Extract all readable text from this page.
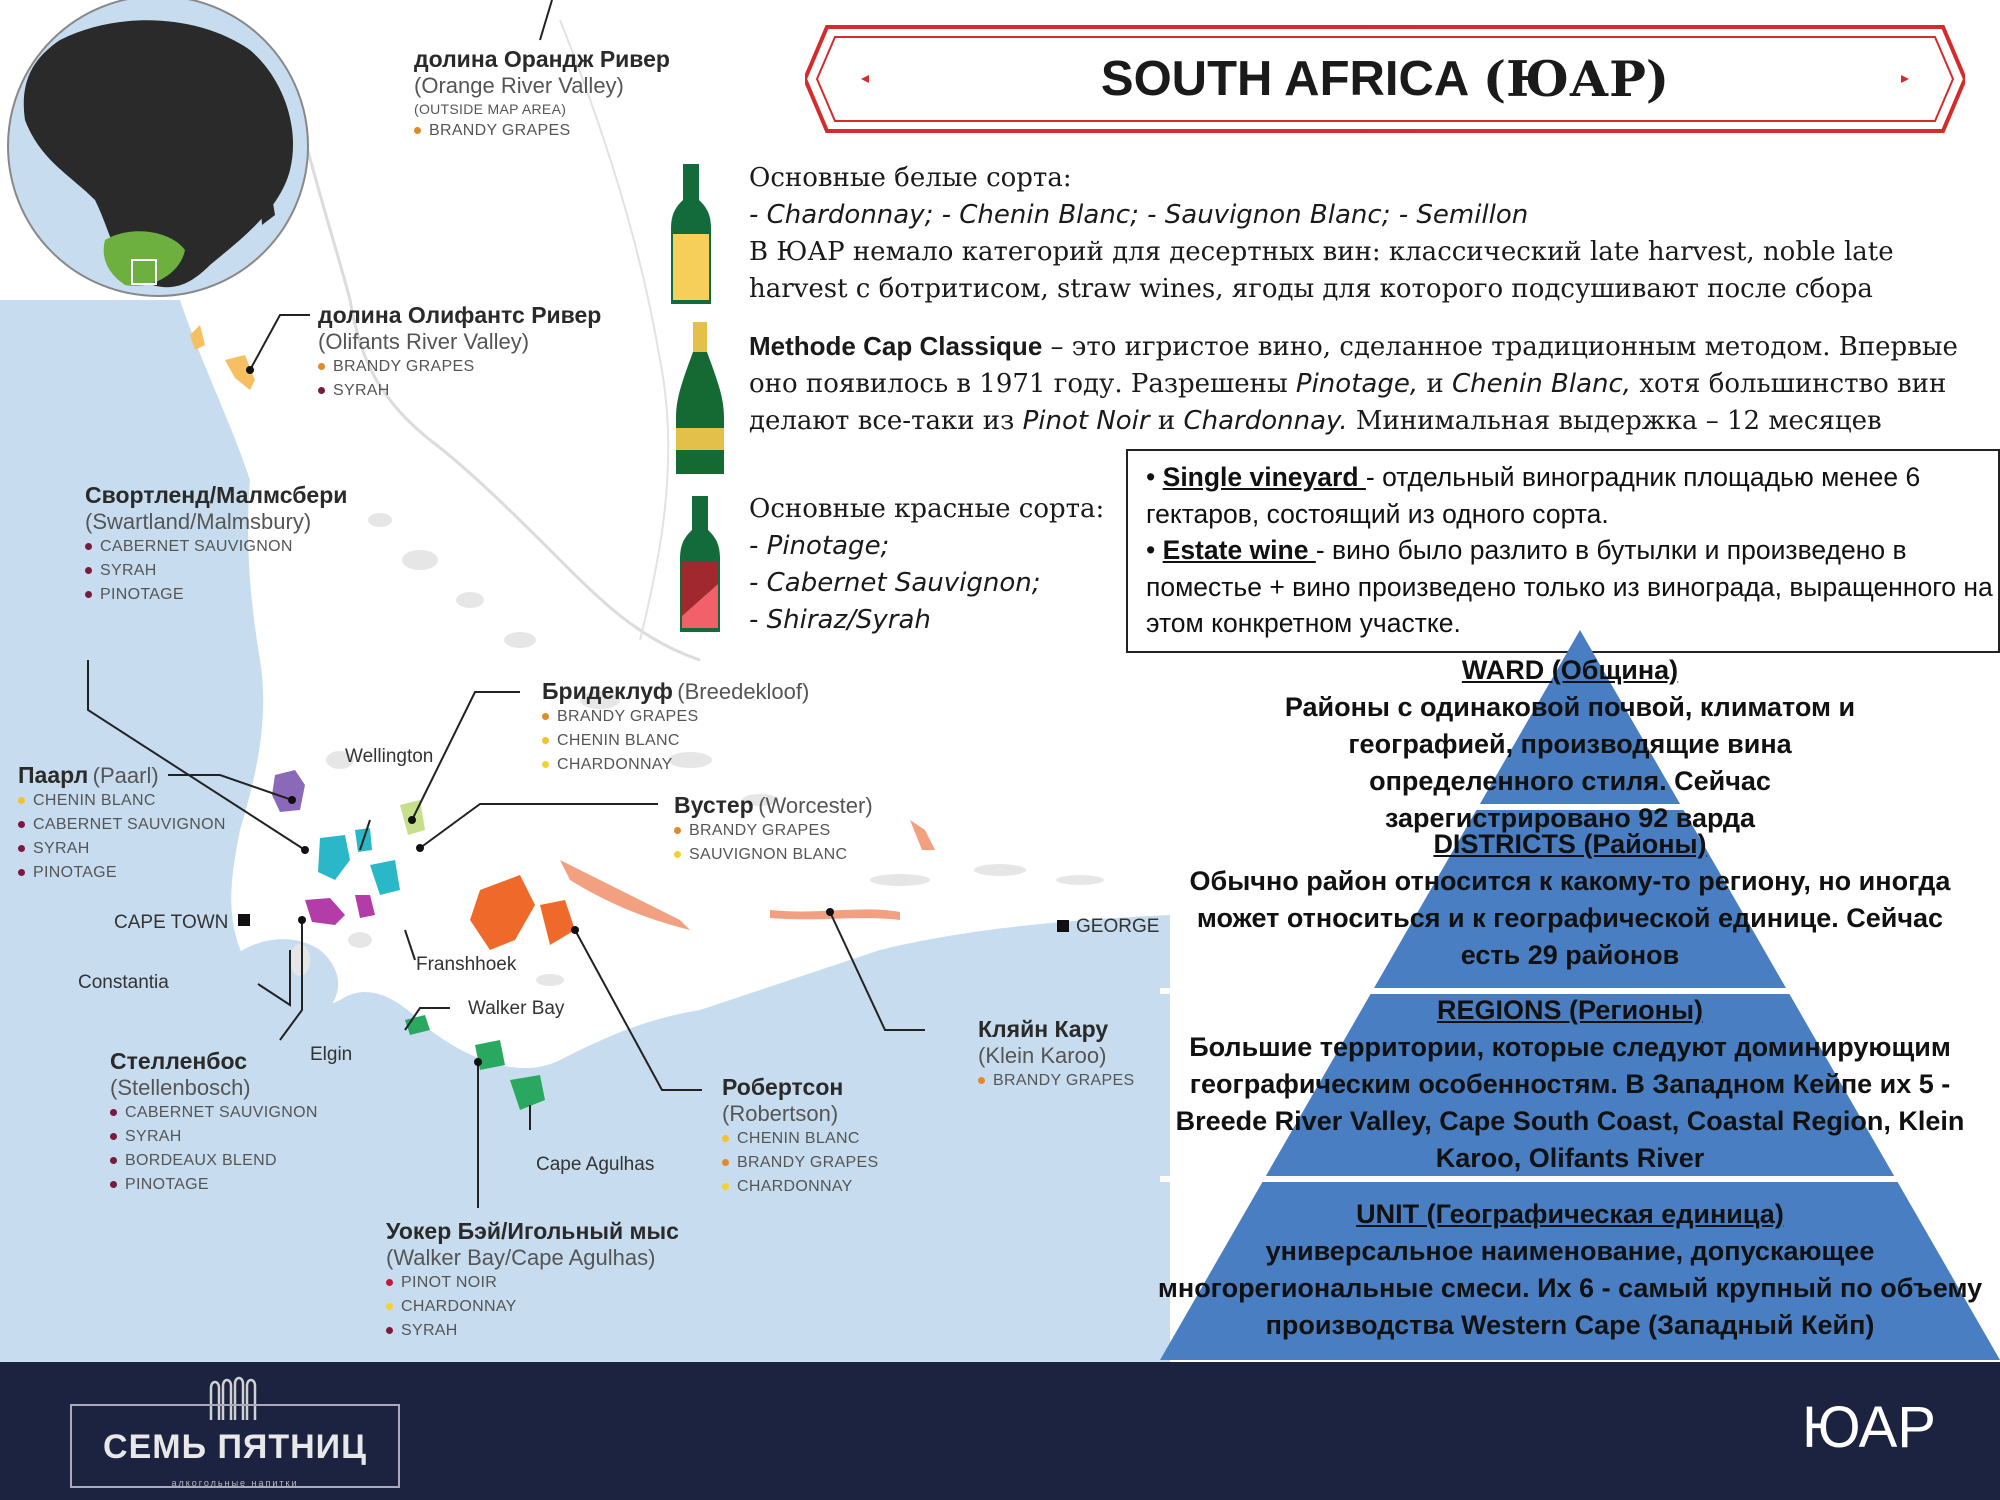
долина Орандж Ривер
(Orange River Valley)
(OUTSIDE MAP AREA)
BRANDY GRAPES
долина Олифантс Ривер
(Olifants River Valley)
BRANDY GRAPES
SYRAH
Свортленд/Малмсбери
(Swartland/Malmsbury)
CABERNET SAUVIGNON
SYRAH
PINOTAGE
Паарл (Paarl)
CHENIN BLANC
CABERNET SAUVIGNON
SYRAH
PINOTAGE
Бридеклуф (Breedekloof)
BRANDY GRAPES
CHENIN BLANC
CHARDONNAY
Вустер (Worcester)
BRANDY GRAPES
SAUVIGNON BLANC
Стелленбос
(Stellenbosch)
CABERNET SAUVIGNON
SYRAH
BORDEAUX BLEND
PINOTAGE
Робертсон
(Robertson)
CHENIN BLANC
BRANDY GRAPES
CHARDONNAY
Кляйн Кару
(Klein Karoo)
BRANDY GRAPES
Уокер Бэй/Игольный мыс
(Walker Bay/Cape Agulhas)
PINOT NOIR
CHARDONNAY
SYRAH
Wellington
CAPE TOWN
Constantia
Franshhoek
Walker Bay
Elgin
Cape Agulhas
GEORGE
SOUTH AFRICA
(ЮАР)
Основные белые сорта:
- Chardonnay; - Chenin Blanc; - Sauvignon Blanc; - Semillon
В ЮАР немало категорий для десертных вин: классический late harvest, noble late harvest с ботритисом, straw wines, ягоды для которого подсушивают после сбора
Methode Cap Classique – это игристое вино, сделанное традиционным методом. Впервые оно появилось в 1971 году. Разрешены Pinotage, и Chenin Blanc, хотя большинство вин делают все-таки из Pinot Noir и Chardonnay. Минимальная выдержка – 12 месяцев
Основные красные сорта:
- Pinotage;
- Cabernet Sauvignon;
- Shiraz/Syrah
• Single vineyard - отдельный виноградник площадью менее 6 гектаров, состоящий из одного сорта.
• Estate wine - вино было разлито в бутылки и произведено в поместье + вино произведено только из винограда, выращенного на этом конкретном участке.
WARD (Община)
Районы с одинаковой почвой, климатом и географией, производящие вина определенного стиля. Сейчас зарегистрировано 92 варда
DISTRICTS (Районы)
Обычно район относится к какому-то региону, но иногда может относиться и к географической единице. Сейчас есть 29 районов
REGIONS (Регионы)
Большие территории, которые следуют доминирующим географическим особенностям. В Западном Кейпе их 5 - Breede River Valley, Cape South Coast, Coastal Region, Klein Karoo, Olifants River
UNIT (Географическая единица)
универсальное наименование, допускающее многорегиональные смеси. Их 6 - самый крупный по объему производства Western Cape (Западный Кейп)
СЕМЬ ПЯТНИЦ
алкогольные напитки
ЮАР
